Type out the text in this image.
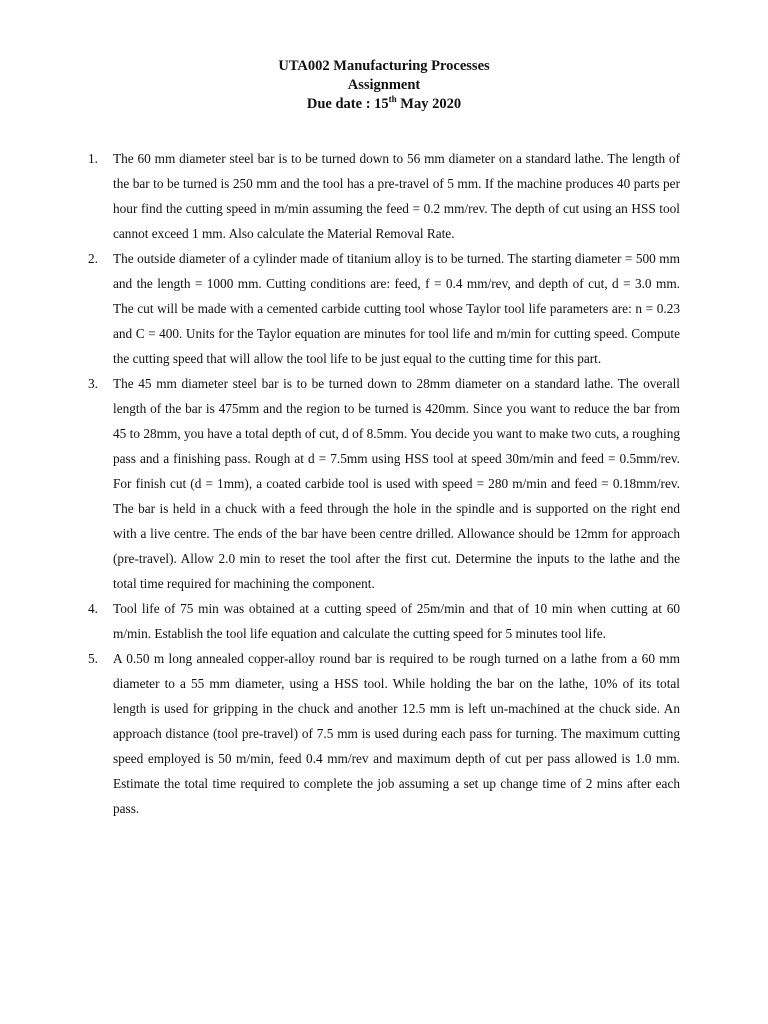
UTA002 Manufacturing Processes
Assignment
Due date : 15th May 2020
1. The 60 mm diameter steel bar is to be turned down to 56 mm diameter on a standard lathe. The length of the bar to be turned is 250 mm and the tool has a pre-travel of 5 mm. If the machine produces 40 parts per hour find the cutting speed in m/min assuming the feed = 0.2 mm/rev. The depth of cut using an HSS tool cannot exceed 1 mm. Also calculate the Material Removal Rate.
2. The outside diameter of a cylinder made of titanium alloy is to be turned. The starting diameter = 500 mm and the length = 1000 mm. Cutting conditions are: feed, f = 0.4 mm/rev, and depth of cut, d = 3.0 mm. The cut will be made with a cemented carbide cutting tool whose Taylor tool life parameters are: n = 0.23 and C = 400. Units for the Taylor equation are minutes for tool life and m/min for cutting speed. Compute the cutting speed that will allow the tool life to be just equal to the cutting time for this part.
3. The 45 mm diameter steel bar is to be turned down to 28mm diameter on a standard lathe. The overall length of the bar is 475mm and the region to be turned is 420mm. Since you want to reduce the bar from 45 to 28mm, you have a total depth of cut, d of 8.5mm. You decide you want to make two cuts, a roughing pass and a finishing pass. Rough at d = 7.5mm using HSS tool at speed 30m/min and feed = 0.5mm/rev. For finish cut (d = 1mm), a coated carbide tool is used with speed = 280 m/min and feed = 0.18mm/rev. The bar is held in a chuck with a feed through the hole in the spindle and is supported on the right end with a live centre. The ends of the bar have been centre drilled. Allowance should be 12mm for approach (pre-travel). Allow 2.0 min to reset the tool after the first cut. Determine the inputs to the lathe and the total time required for machining the component.
4. Tool life of 75 min was obtained at a cutting speed of 25m/min and that of 10 min when cutting at 60 m/min. Establish the tool life equation and calculate the cutting speed for 5 minutes tool life.
5. A 0.50 m long annealed copper-alloy round bar is required to be rough turned on a lathe from a 60 mm diameter to a 55 mm diameter, using a HSS tool. While holding the bar on the lathe, 10% of its total length is used for gripping in the chuck and another 12.5 mm is left un-machined at the chuck side. An approach distance (tool pre-travel) of 7.5 mm is used during each pass for turning. The maximum cutting speed employed is 50 m/min, feed 0.4 mm/rev and maximum depth of cut per pass allowed is 1.0 mm. Estimate the total time required to complete the job assuming a set up change time of 2 mins after each pass.
